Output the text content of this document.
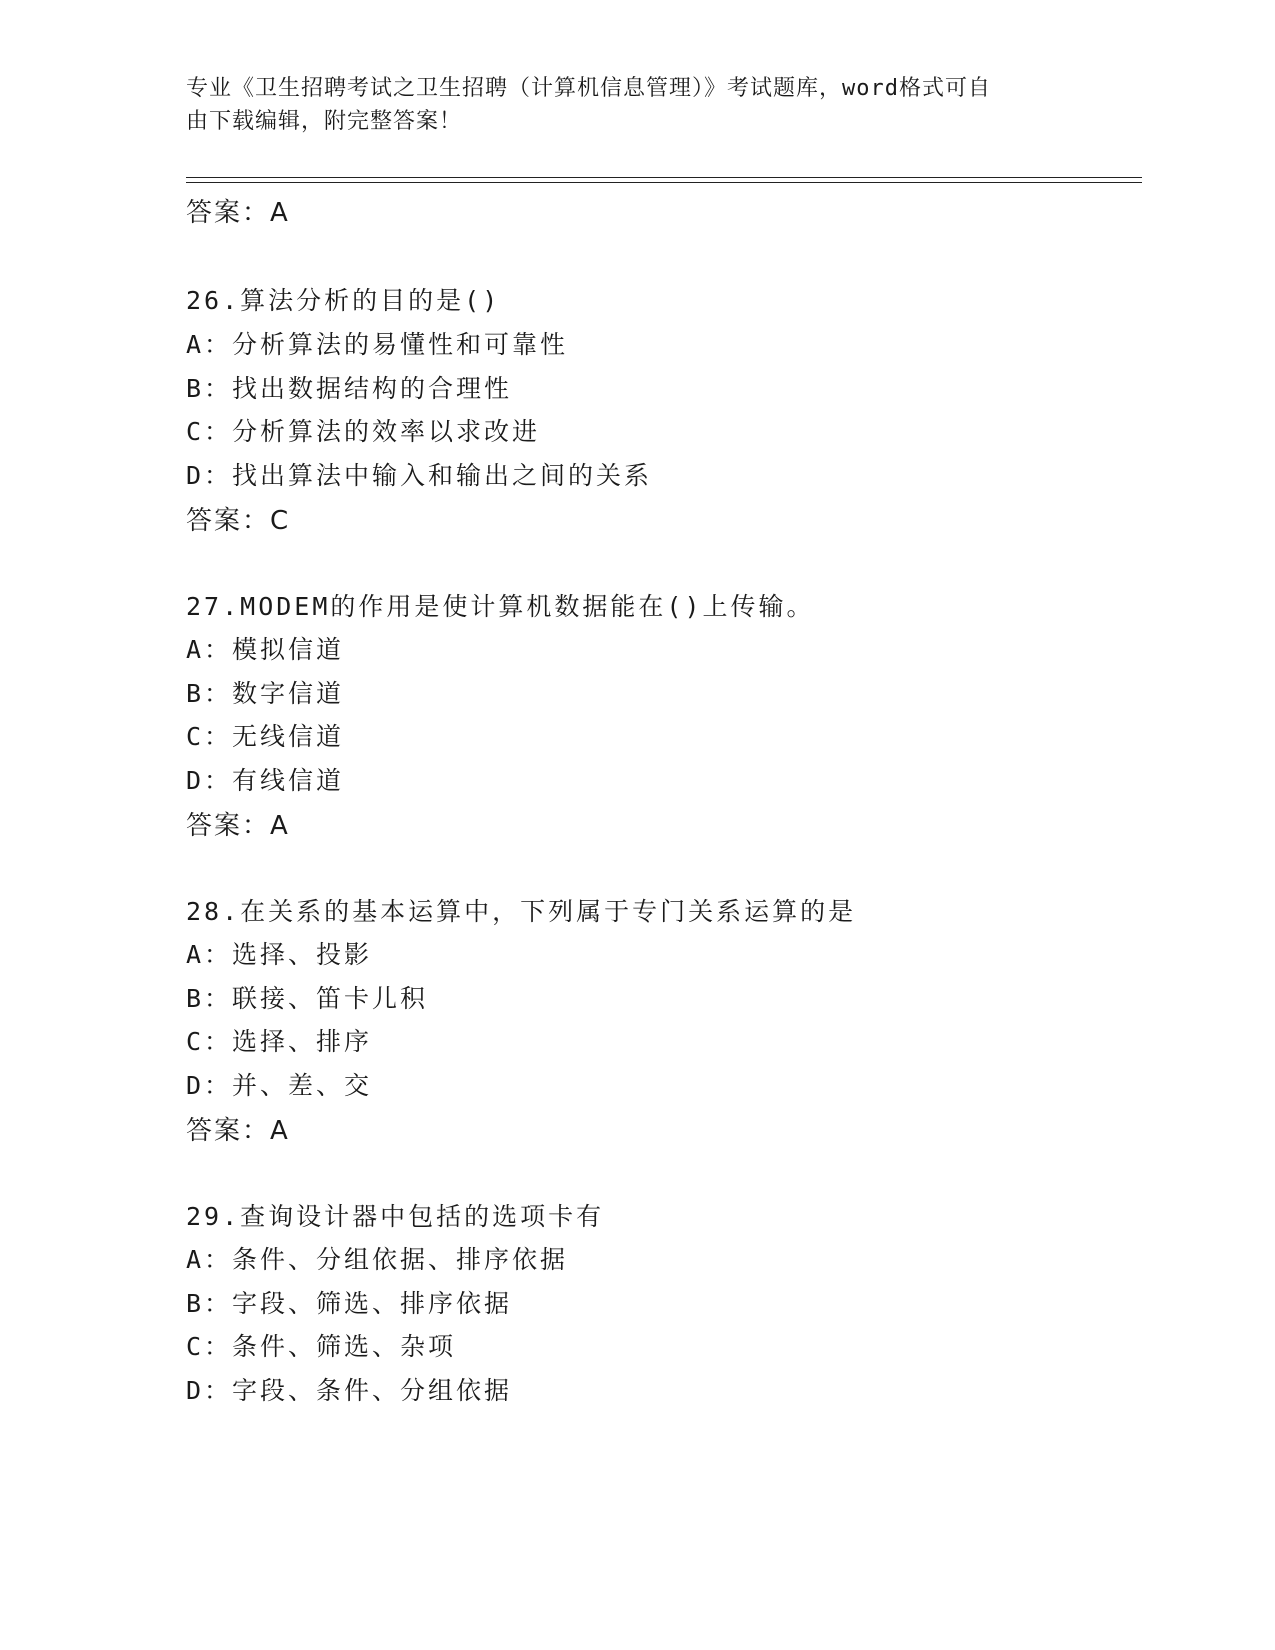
专业《卫生招聘考试之卫生招聘（计算机信息管理）》考试题库，word格式可自
由下载编辑，附完整答案！
答案：A
26.算法分析的目的是()
A：分析算法的易懂性和可靠性
B：找出数据结构的合理性
C：分析算法的效率以求改进
D：找出算法中输入和输出之间的关系
答案：C
27.MODEM的作用是使计算机数据能在()上传输。
A：模拟信道
B：数字信道
C：无线信道
D：有线信道
答案：A
28.在关系的基本运算中，下列属于专门关系运算的是
A：选择、投影
B：联接、笛卡儿积
C：选择、排序
D：并、差、交
答案：A
29.查询设计器中包括的选项卡有
A：条件、分组依据、排序依据
B：字段、筛选、排序依据
C：条件、筛选、杂项
D：字段、条件、分组依据
